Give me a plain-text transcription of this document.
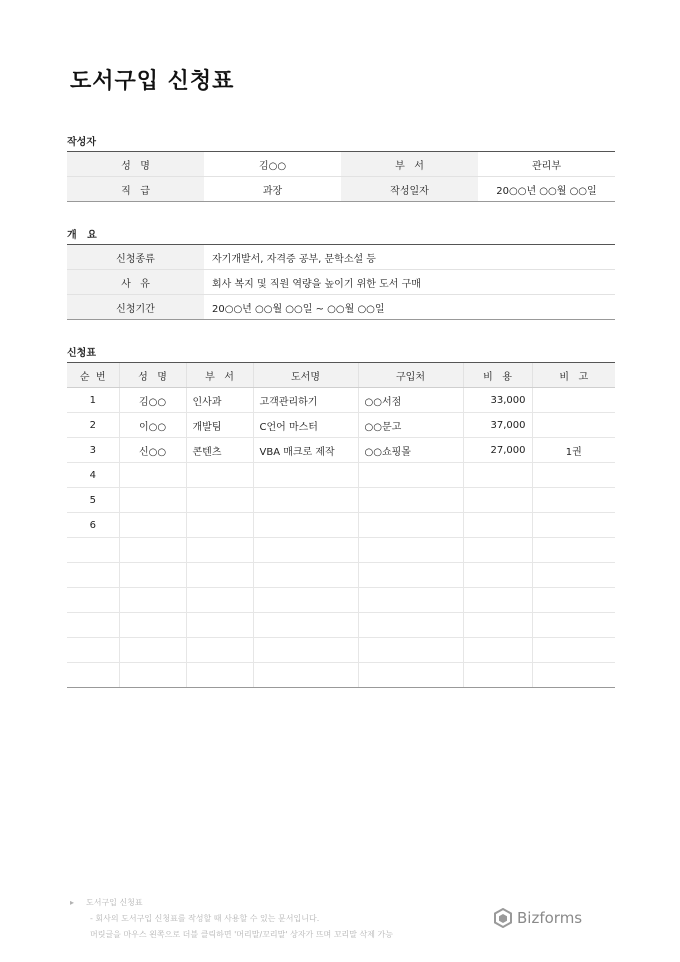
도서구입 신청표
작성자
성   명	김○○	부   서	관리부
직   급	과장	작성일자	20○○년 ○○월 ○○일
개   요
신청종류	자기개발서, 자격증 공부, 문학소설 등
사   유	회사 복지 및 직원 역량을 높이기 위한 도서 구매
신청기간	20○○년 ○○월 ○○일 ~ ○○월 ○○일
신청표
순  번	성   명	부   서	도서명	구입처	비   용	비   고
1	김○○	인사과	고객관리하기	○○서점	33,000	
2	이○○	개발팀	C언어 마스터	○○문고	37,000	
3	신○○	콘텐츠	VBA 매크로 제작	○○쇼핑몰	27,000	1권
4						
5						
6						

▸ 도서구입 신청표
- 회사의 도서구입 신청표를 작성할 때 사용할 수 있는 문서입니다.
머릿글을 마우스 왼쪽으로 더블 클릭하면 '머리말/꼬리말' 상자가 뜨며 꼬리말 삭제 가능
Bizforms
